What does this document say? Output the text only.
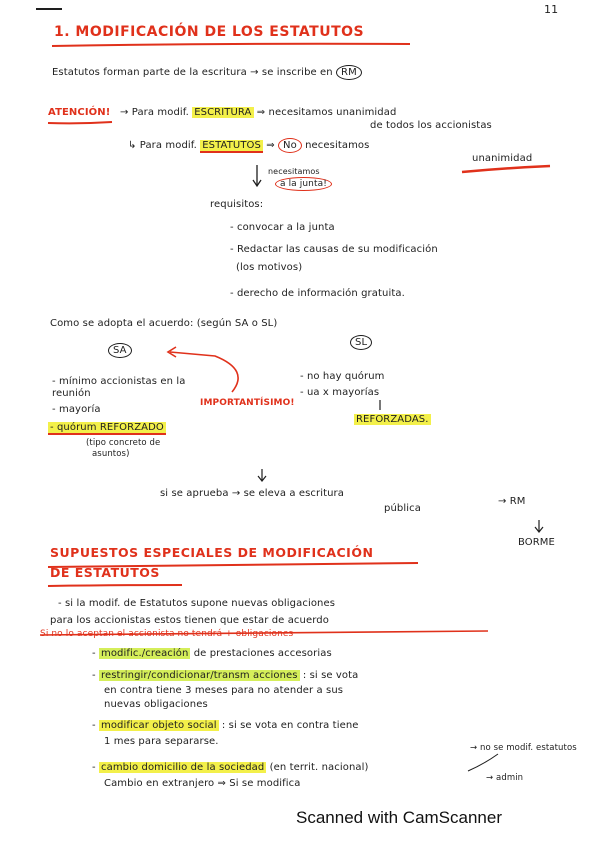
11
1. MODIFICACIÓN DE LOS ESTATUTOS
Estatutos forman parte de la escritura → se inscribe en RM
ATENCIÓN! → Para modif. ESCRITURA ⇒ necesitamos unanimidad
de todos los accionistas
↳ Para modif. ESTATUTOS ⇒ No necesitamos
unanimidad
necesitamos
a la junta!
requisitos:
- convocar a la junta
- Redactar las causas de su modificación
(los motivos)
- derecho de información gratuita.
Como se adopta el acuerdo: (según SA o SL)
SA
SL
- mínimo accionistas en la
reunión
- mayoría
- quórum REFORZADO
(tipo concreto de
asuntos)
IMPORTANTÍSIMO!
- no hay quórum
- ua x mayorías
REFORZADAS.
si se aprueba → se eleva a escritura
pública
→ RM
BORME
SUPUESTOS ESPECIALES DE MODIFICACIÓN
DE ESTATUTOS
- si la modif. de Estatutos supone nuevas obligaciones
para los accionistas estos tienen que estar de acuerdo
Si no lo aceptan el accionista no tendrá + obligaciones
- modific./creación de prestaciones accesorias
- restringir/condicionar/transm acciones : si se vota
en contra tiene 3 meses para no atender a sus
nuevas obligaciones
- modificar objeto social : si se vota en contra tiene
1 mes para separarse.
- cambio domicilio de la sociedad (en territ. nacional)
Cambio en extranjero ⇒ Si se modifica
→ no se modif. estatutos
→ admin
Scanned with CamScanner
